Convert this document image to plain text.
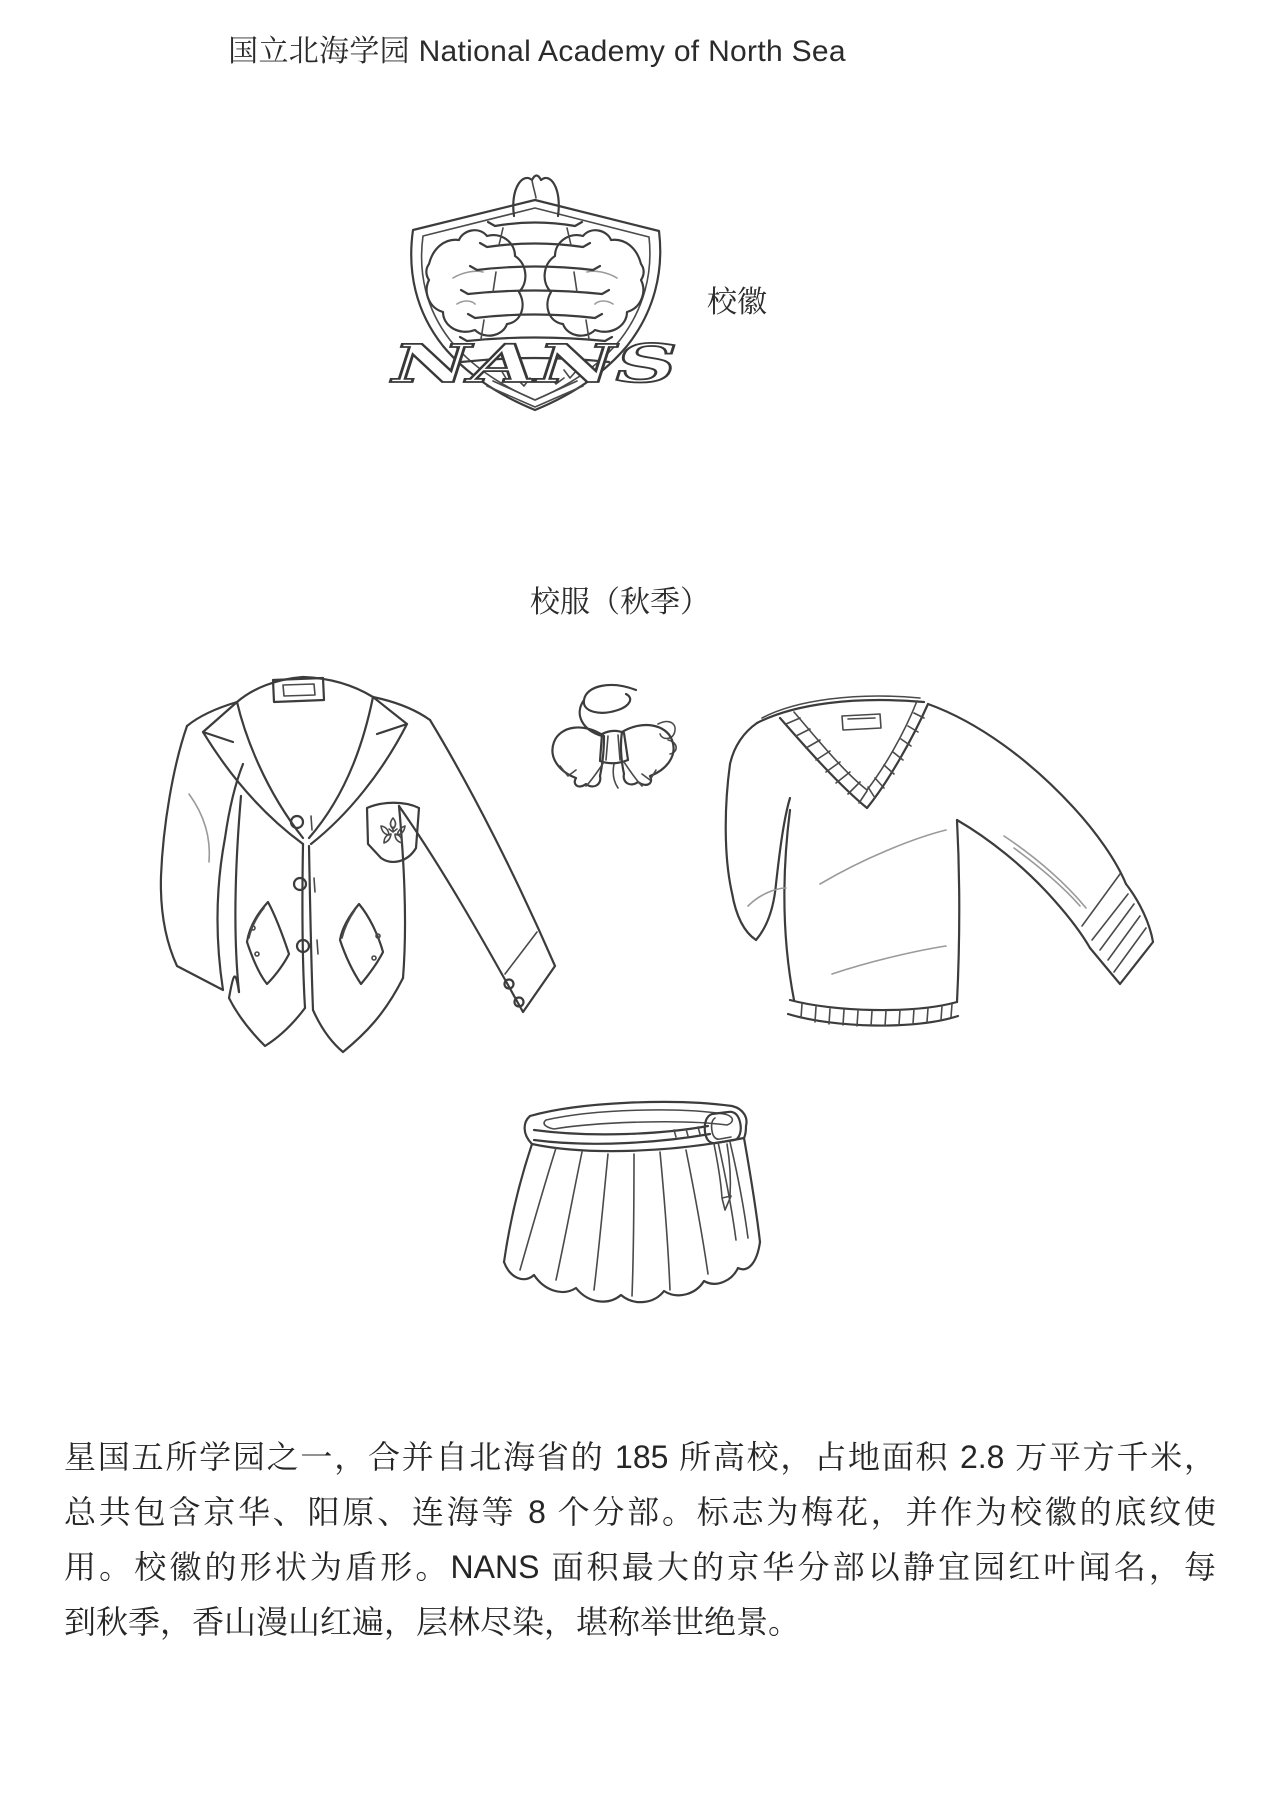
国立北海学园 National Academy of North Sea
NANS
校徽
校服（秋季）
星国五所学园之一，合并自北海省的 185 所高校，占地面积 2.8 万平方千米，
总共包含京华、阳原、连海等 8 个分部。标志为梅花，并作为校徽的底纹使
用。校徽的形状为盾形。NANS 面积最大的京华分部以静宜园红叶闻名，每
到秋季，香山漫山红遍，层林尽染，堪称举世绝景。
